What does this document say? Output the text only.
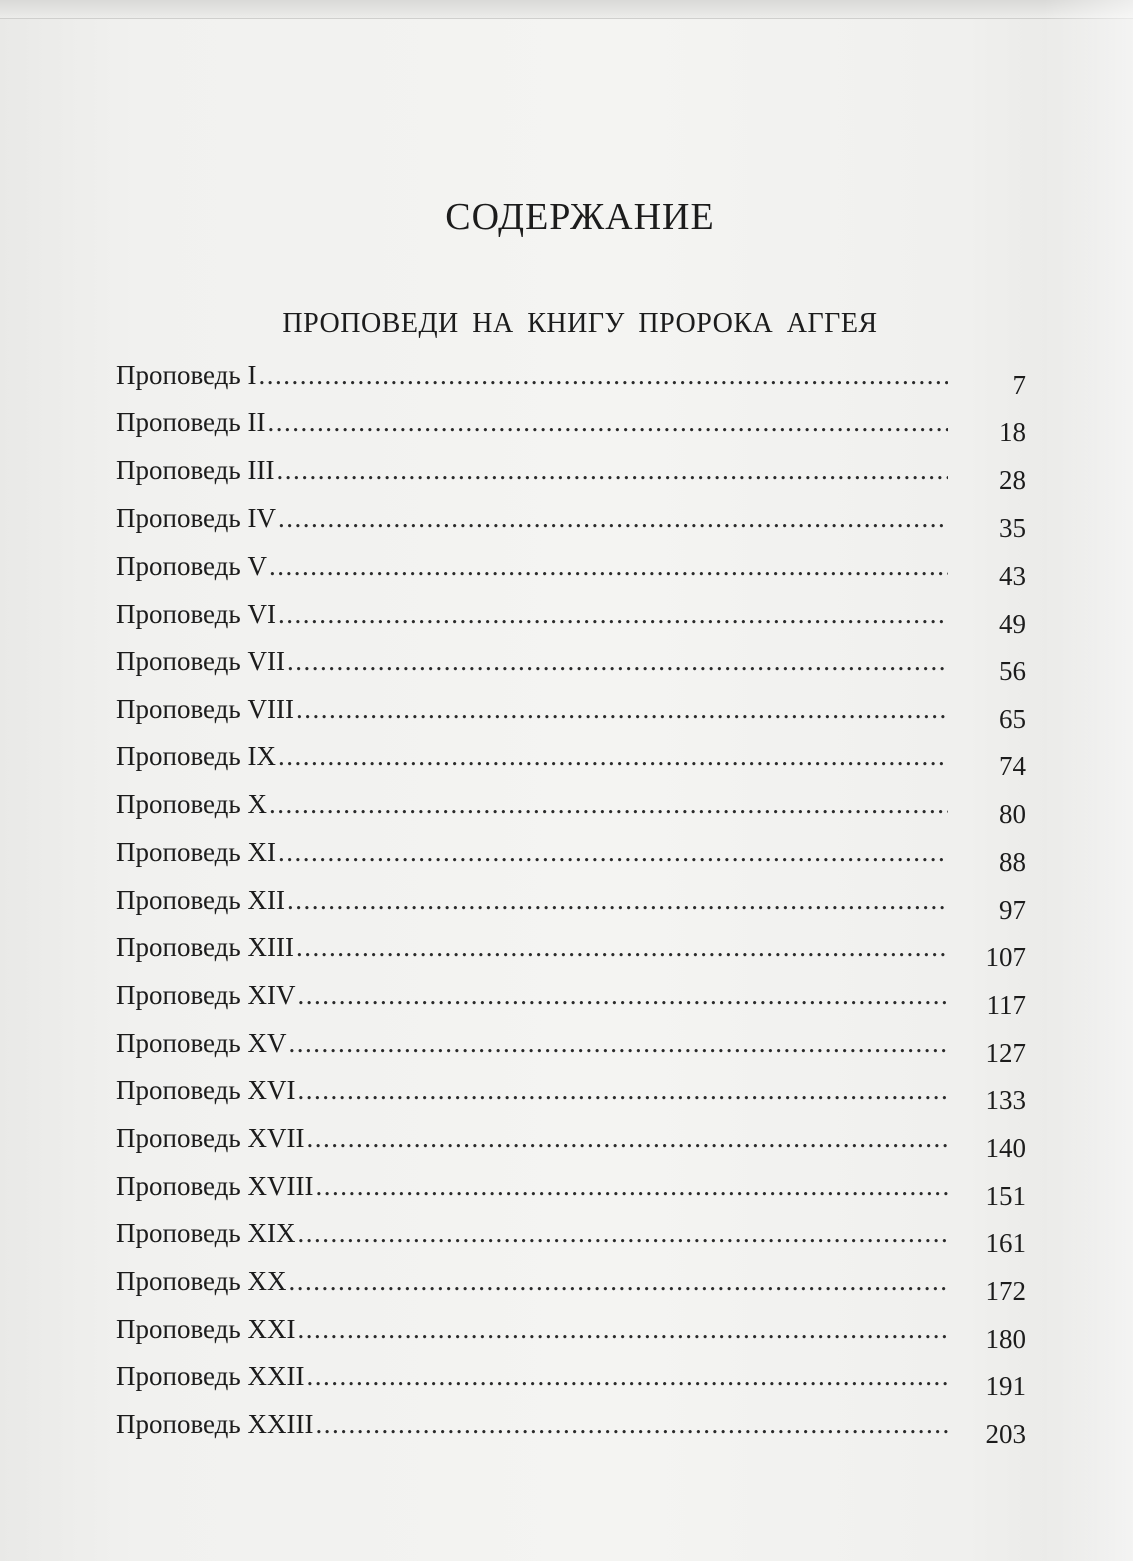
СОДЕРЖАНИЕ
ПРОПОВЕДИ НА КНИГУ ПРОРОКА АГГЕЯ
Проповедь I .....	7
Проповедь II .....	18
Проповедь III .....	28
Проповедь IV .....	35
Проповедь V .....	43
Проповедь VI .....	49
Проповедь VII .....	56
Проповедь VIII .....	65
Проповедь IX .....	74
Проповедь X .....	80
Проповедь XI .....	88
Проповедь XII .....	97
Проповедь XIII .....	107
Проповедь XIV .....	117
Проповедь XV .....	127
Проповедь XVI .....	133
Проповедь XVII .....	140
Проповедь XVIII .....	151
Проповедь XIX .....	161
Проповедь XX .....	172
Проповедь XXI .....	180
Проповедь XXII .....	191
Проповедь XXIII .....	203
